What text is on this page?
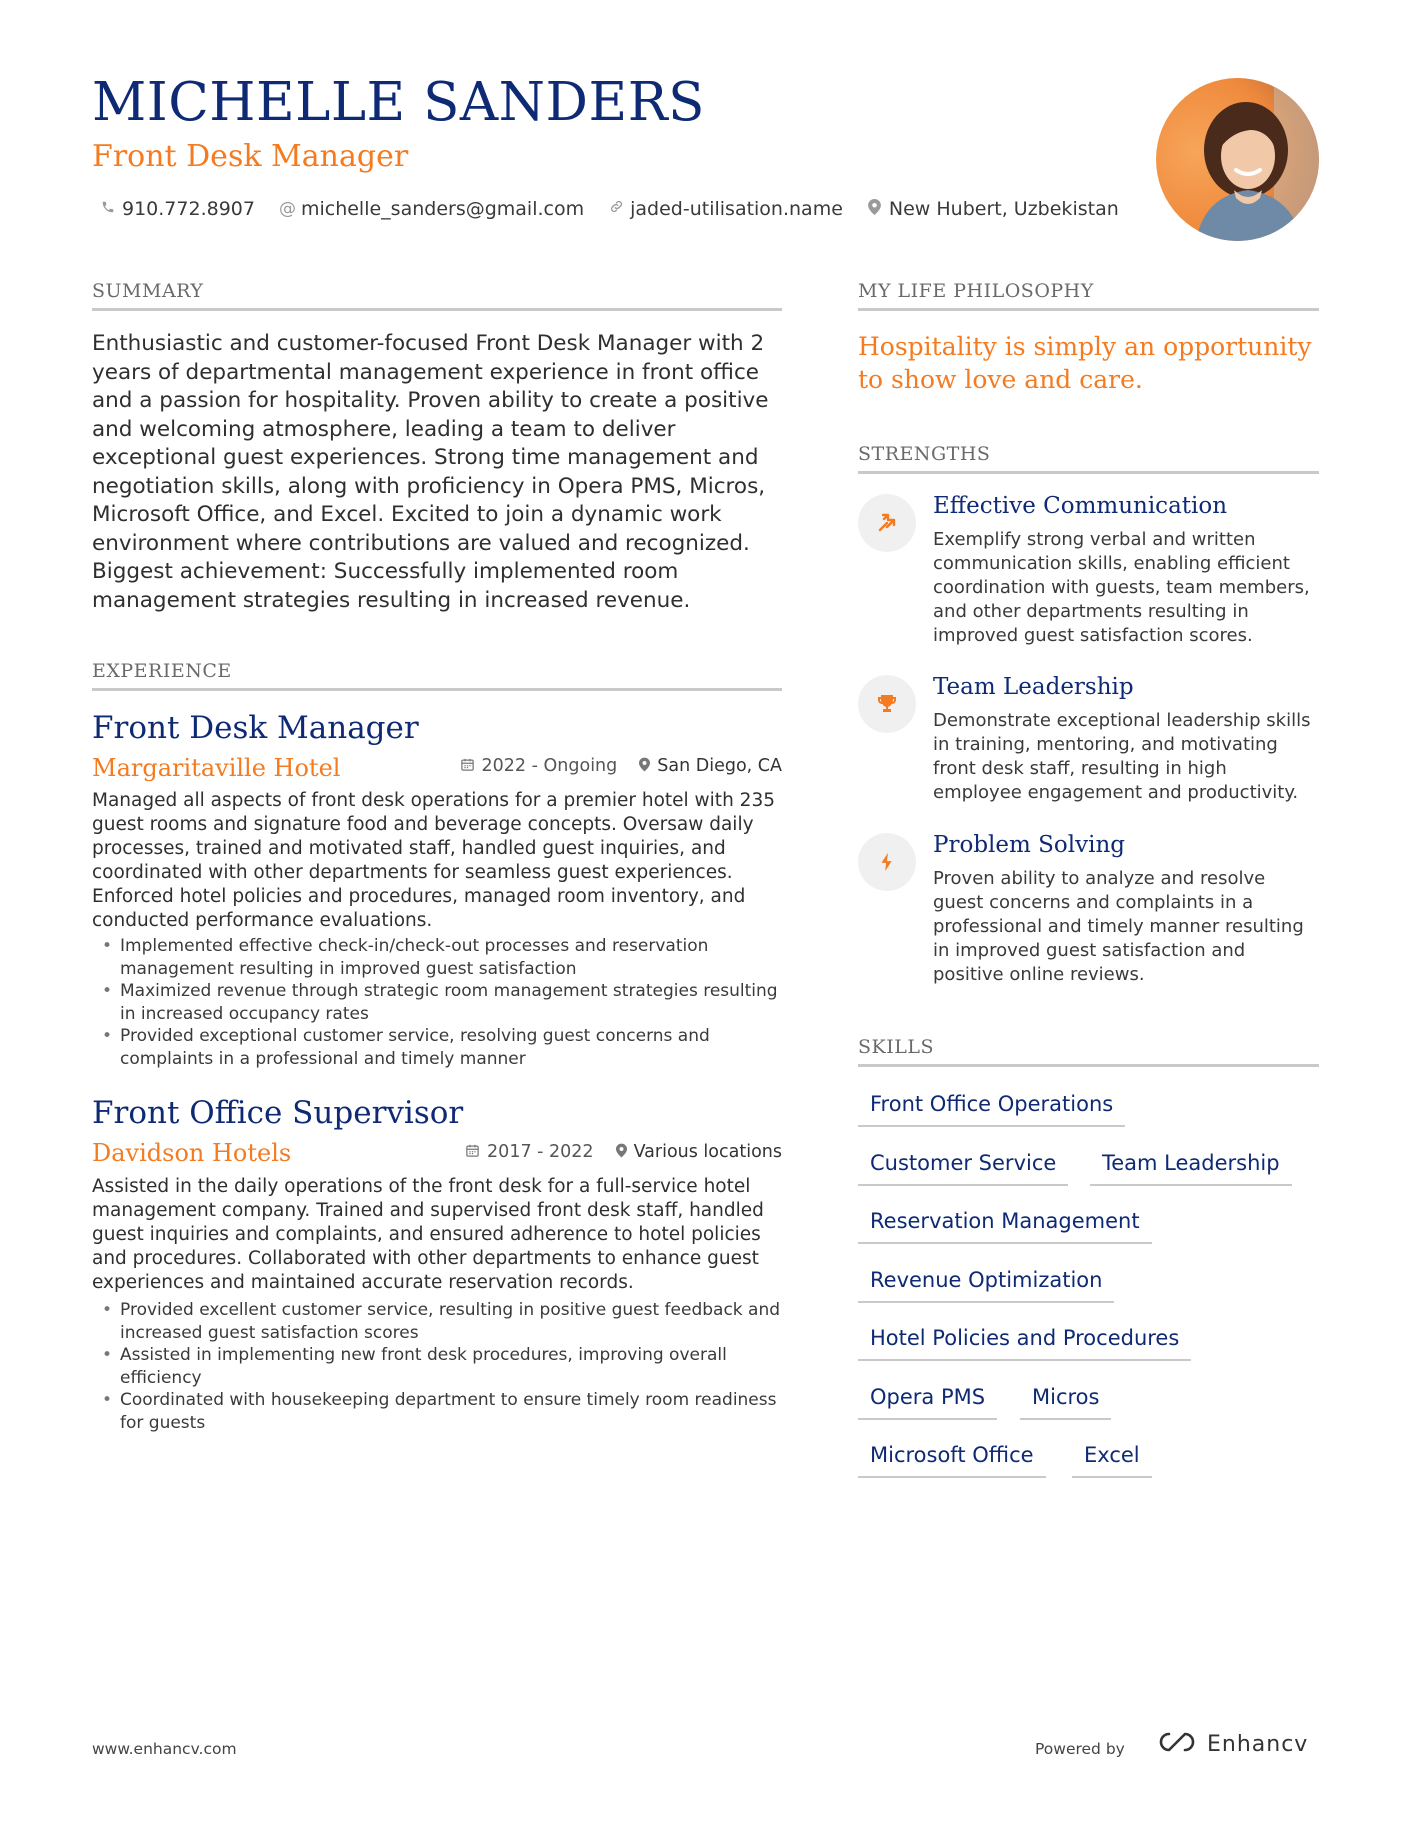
MICHELLE SANDERS
Front Desk Manager
910.772.8907 @ michelle_sanders@gmail.com jaded-utilisation.name New Hubert, Uzbekistan
SUMMARY
Enthusiastic and customer-focused Front Desk Manager with 2 years of departmental management experience in front office and a passion for hospitality. Proven ability to create a positive and welcoming atmosphere, leading a team to deliver exceptional guest experiences. Strong time management and negotiation skills, along with proficiency in Opera PMS, Micros, Microsoft Office, and Excel. Excited to join a dynamic work environment where contributions are valued and recognized. Biggest achievement: Successfully implemented room management strategies resulting in increased revenue.
EXPERIENCE
Front Desk Manager
Margaritaville Hotel	2022 - Ongoing San Diego, CA
Managed all aspects of front desk operations for a premier hotel with 235 guest rooms and signature food and beverage concepts. Oversaw daily processes, trained and motivated staff, handled guest inquiries, and coordinated with other departments for seamless guest experiences. Enforced hotel policies and procedures, managed room inventory, and conducted performance evaluations.
• Implemented effective check-in/check-out processes and reservation management resulting in improved guest satisfaction
• Maximized revenue through strategic room management strategies resulting in increased occupancy rates
• Provided exceptional customer service, resolving guest concerns and complaints in a professional and timely manner
Front Office Supervisor
Davidson Hotels	2017 - 2022 Various locations
Assisted in the daily operations of the front desk for a full-service hotel management company. Trained and supervised front desk staff, handled guest inquiries and complaints, and ensured adherence to hotel policies and procedures. Collaborated with other departments to enhance guest experiences and maintained accurate reservation records.
• Provided excellent customer service, resulting in positive guest feedback and increased guest satisfaction scores
• Assisted in implementing new front desk procedures, improving overall efficiency
• Coordinated with housekeeping department to ensure timely room readiness for guests
MY LIFE PHILOSOPHY
Hospitality is simply an opportunity to show love and care.
STRENGTHS
Effective Communication
Exemplify strong verbal and written communication skills, enabling efficient coordination with guests, team members, and other departments resulting in improved guest satisfaction scores.
Team Leadership
Demonstrate exceptional leadership skills in training, mentoring, and motivating front desk staff, resulting in high employee engagement and productivity.
Problem Solving
Proven ability to analyze and resolve guest concerns and complaints in a professional and timely manner resulting in improved guest satisfaction and positive online reviews.
SKILLS
Front Office Operations
Customer Service	Team Leadership
Reservation Management
Revenue Optimization
Hotel Policies and Procedures
Opera PMS	Micros
Microsoft Office	Excel
www.enhancv.com	Powered by	Enhancv
